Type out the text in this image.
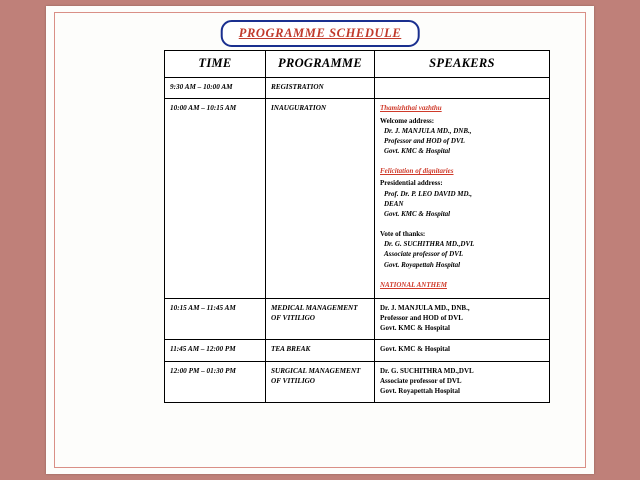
PROGRAMME SCHEDULE
TIME	PROGRAMME	SPEAKERS
9:30 AM – 10:00 AM	REGISTRATION	
10:00 AM – 10:15 AM	INAUGURATION	Thamizhthai vazhthu
Welcome address:
Dr. J. MANJULA MD., DNB.,
Professor and HOD of DVL
Govt. KMC & Hospital

Felicitation of dignitaries
Presidential address:
Prof. Dr. P. LEO DAVID MD.,
DEAN
Govt. KMC & Hospital

Vote of thanks:
Dr. G. SUCHITHRA MD.,DVL
Associate professor of DVL
Govt. Royapettah Hospital

NATIONAL ANTHEM

10:15 AM – 11:45 AM	MEDICAL MANAGEMENT OF VITILIGO	Dr. J. MANJULA MD., DNB.,
Professor and HOD of DVL
Govt. KMC & Hospital

11:45 AM – 12:00 PM	TEA BREAK	Govt. KMC & Hospital

12:00 PM – 01:30 PM	SURGICAL MANAGEMENT OF VITILIGO	Dr. G. SUCHITHRA MD.,DVL
Associate professor of DVL
Govt. Royapettah Hospital
